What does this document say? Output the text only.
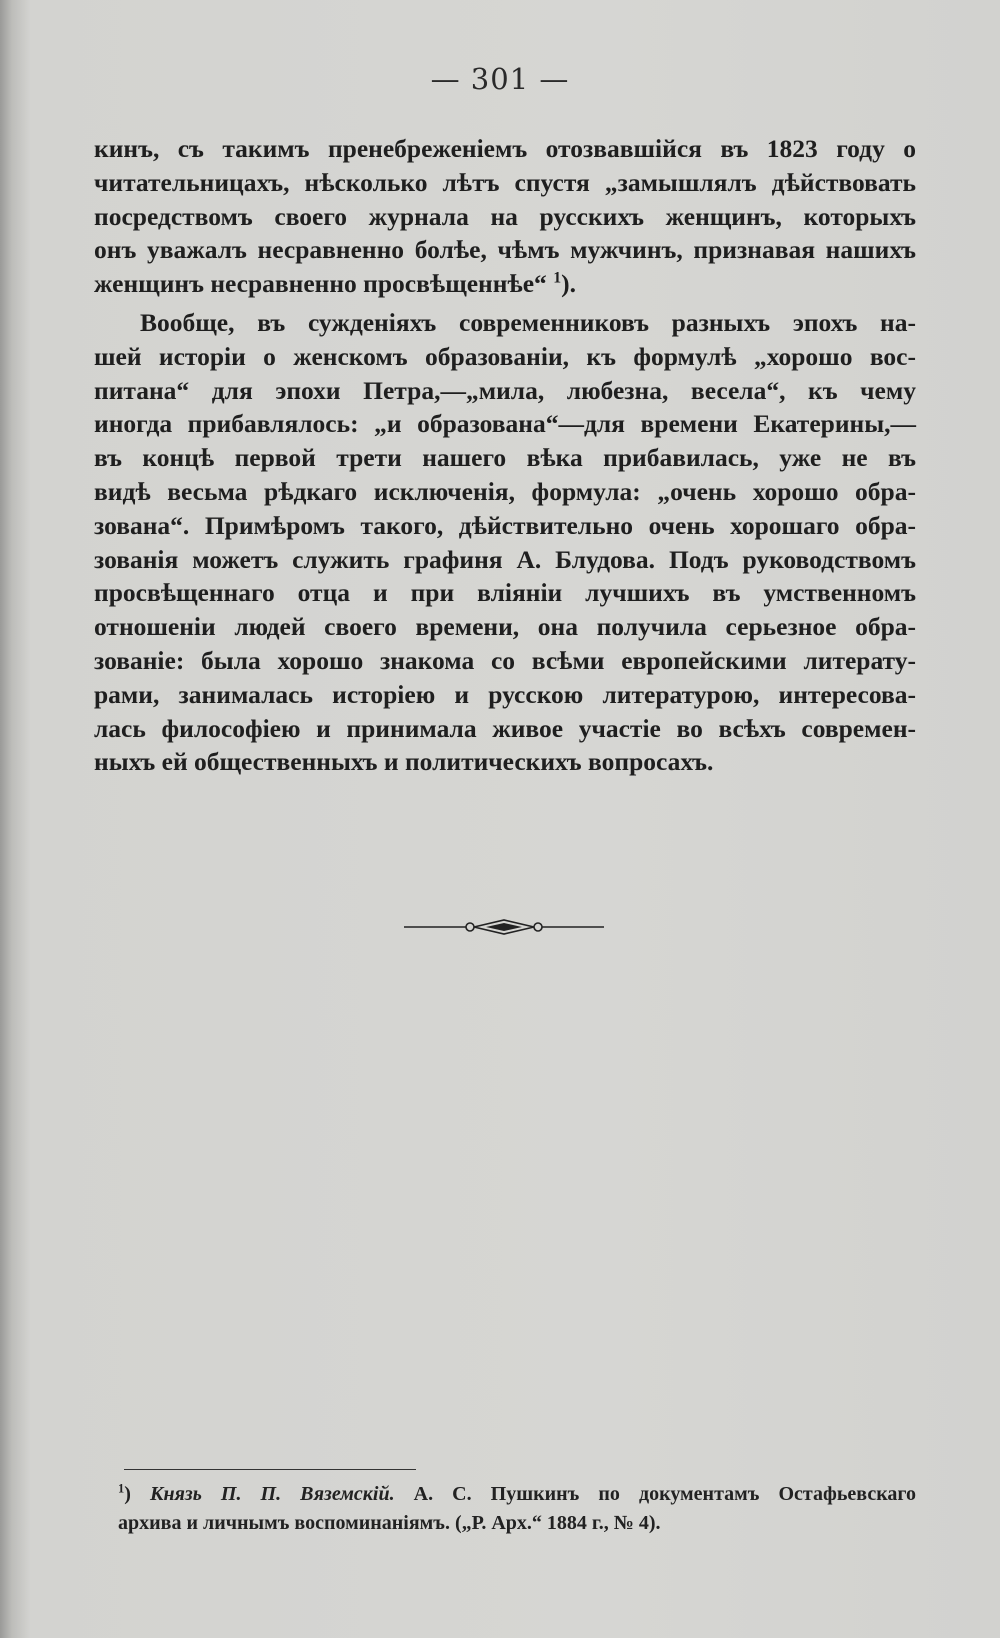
— 301 —
кинъ, съ такимъ пренебреженіемъ отозвавшійся въ 1823 году о
читательницахъ, нѣсколько лѣтъ спустя „замышлялъ дѣйствовать
посредствомъ своего журнала на русскихъ женщинъ, которыхъ
онъ уважалъ несравненно болѣе, чѣмъ мужчинъ, признавая нашихъ
женщинъ несравненно просвѣщеннѣе“ $^1$).
Вообще, въ сужденіяхъ современниковъ разныхъ эпохъ на-
шей исторіи о женскомъ образованіи, къ формулѣ „хорошо вос-
питана“ для эпохи Петра,—„мила, любезна, весела“, къ чему
иногда прибавлялось: „и образована“—для времени Екатерины,—
въ концѣ первой трети нашего вѣка прибавилась, уже не въ
видѣ весьма рѣдкаго исключенія, формула: „очень хорошо обра-
зована“. Примѣромъ такого, дѣйствительно очень хорошаго обра-
зованія можетъ служить графиня А. Блудова. Подъ руководствомъ
просвѣщеннаго отца и при вліяніи лучшихъ въ умственномъ
отношеніи людей своего времени, она получила серьезное обра-
зованіе: была хорошо знакома со всѣми европейскими литерату-
рами, занималась исторіею и русскою литературою, интересова-
лась философіею и принимала живое участіе во всѣхъ современ-
ныхъ ей общественныхъ и политическихъ вопросахъ.
$^1$) Князь П. П. Вяземскій. А. С. Пушкинъ по документамъ Остафьевскаго
архива и личнымъ воспоминаніямъ. („Р. Арх.“ 1884 г., № 4).
